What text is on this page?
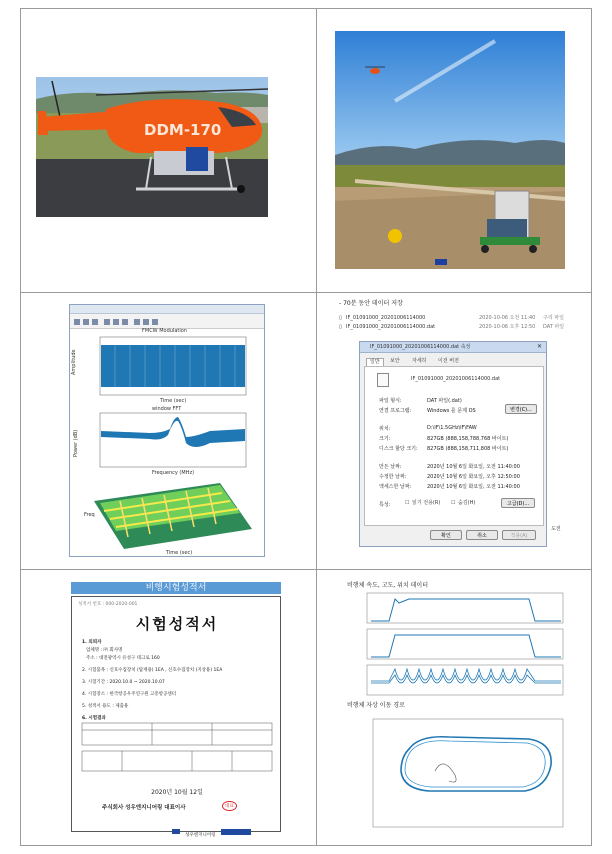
DDM-170
FMCW Modulation
Amplitude
Time (sec)
window FFT
Power (dB)
Frequency (MHz)
Freq
Time (sec)
- 70분 동안 데이터 저장
▯ IF_01091000_20201006114000	2020-10-06 오전 11:40 구리 파일
▯ IF_01091000_20201006114000.dat	2020-10-06 오후 12:50 DAT 파일
IF_01091000_20201006114000.dat 속성	✕
일반	보안 자세히 이전 버전
IF_01091000_20201006114000.dat
파일 형식:	DAT 파일(.dat)
연결 프로그램:	Windows 를 문제 OS	변경(C)...
위치:	D:\IF\1.5GHz\IF\FAW
크기:	827GB (888,158,788,768 바이트)
디스크 할당 크기: 827GB (888,158,711,808 바이트)
만든 날짜:	2020년 10월 6일 화요일, 오전 11:40:00
수정한 날짜:	2020년 10월 6일 화요일, 오후 12:50:00
액세스한 날짜:	2020년 10월 6일 화요일, 오전 11:40:00
특성:	☐ 읽기 전용(R) ☐ 숨김(H)	고급(D)...
확인	취소	적용(A)
도전
비행시험성적서
성적서 번호 : 000-2020-001
시험성적서
1. 의뢰자
업체명 : ㈜ 회사명
주소 : 대전광역시 유성구 테크로 160
2. 시험품목 : 신호수집장치 (탑재용) 1EA , 신호수집장치 (지상용) 1EA
3. 시험기간 : 2020.10.0 ~ 2020.10.07
4. 시험장소 : 한국항공우주연구원 고흥항공센터
5. 성적서 용도 : 제출용
6. 시험결과
2020년 10월 12일
주식회사 성우엔지니어링 대표이사	대표
성우엔지니어링
비행체 속도, 고도, 위치 데이터
비행체 자상 이동 경로
